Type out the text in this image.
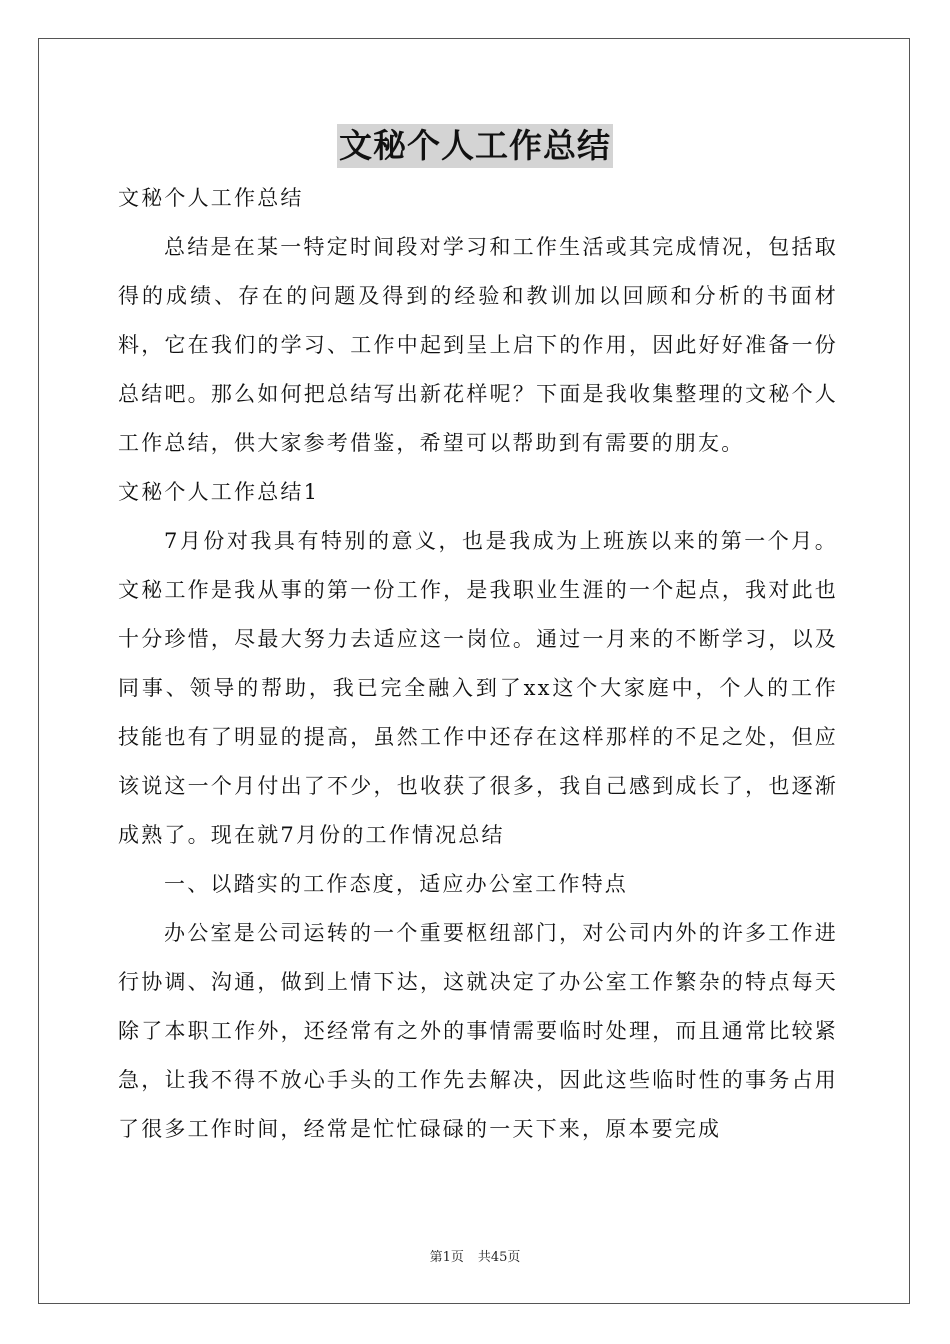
文秘个人工作总结

文秘个人工作总结

总结是在某一特定时间段对学习和工作生活或其完成情况，包括取得的成绩、存在的问题及得到的经验和教训加以回顾和分析的书面材料，它在我们的学习、工作中起到呈上启下的作用，因此好好准备一份总结吧。那么如何把总结写出新花样呢？下面是我收集整理的文秘个人工作总结，供大家参考借鉴，希望可以帮助到有需要的朋友。

文秘个人工作总结1

7月份对我具有特别的意义，也是我成为上班族以来的第一个月。文秘工作是我从事的第一份工作，是我职业生涯的一个起点，我对此也十分珍惜，尽最大努力去适应这一岗位。通过一月来的不断学习，以及同事、领导的帮助，我已完全融入到了xx这个大家庭中，个人的工作技能也有了明显的提高，虽然工作中还存在这样那样的不足之处，但应该说这一个月付出了不少，也收获了很多，我自己感到成长了，也逐渐成熟了。现在就7月份的工作情况总结

一、以踏实的工作态度，适应办公室工作特点

办公室是公司运转的一个重要枢纽部门，对公司内外的许多工作进行协调、沟通，做到上情下达，这就决定了办公室工作繁杂的特点每天除了本职工作外，还经常有之外的事情需要临时处理，而且通常比较紧急，让我不得不放心手头的工作先去解决，因此这些临时性的事务占用了很多工作时间，经常是忙忙碌碌的一天下来，原本要完成

第1页 共45页
